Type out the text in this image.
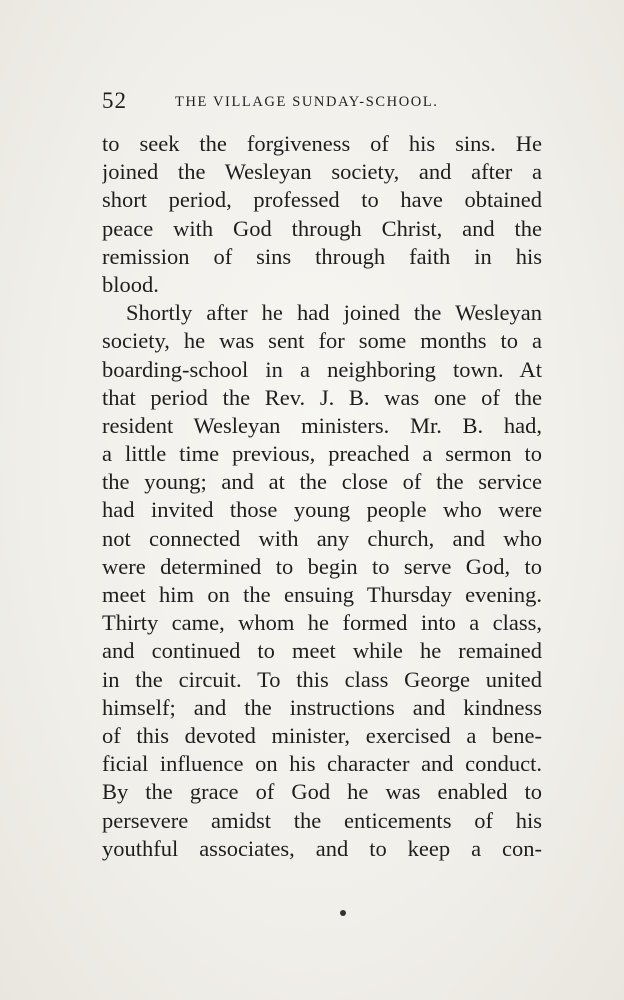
52	THE VILLAGE SUNDAY-SCHOOL.
to seek the forgiveness of his sins. He
joined the Wesleyan society, and after a
short period, professed to have obtained
peace with God through Christ, and the
remission of sins through faith in his
blood.
Shortly after he had joined the Wesleyan
society, he was sent for some months to a
boarding-school in a neighboring town. At
that period the Rev. J. B. was one of the
resident Wesleyan ministers. Mr. B. had,
a little time previous, preached a sermon to
the young; and at the close of the service
had invited those young people who were
not connected with any church, and who
were determined to begin to serve God, to
meet him on the ensuing Thursday evening.
Thirty came, whom he formed into a class,
and continued to meet while he remained
in the circuit. To this class George united
himself; and the instructions and kindness
of this devoted minister, exercised a bene-
ficial influence on his character and conduct.
By the grace of God he was enabled to
persevere amidst the enticements of his
youthful associates, and to keep a con-
